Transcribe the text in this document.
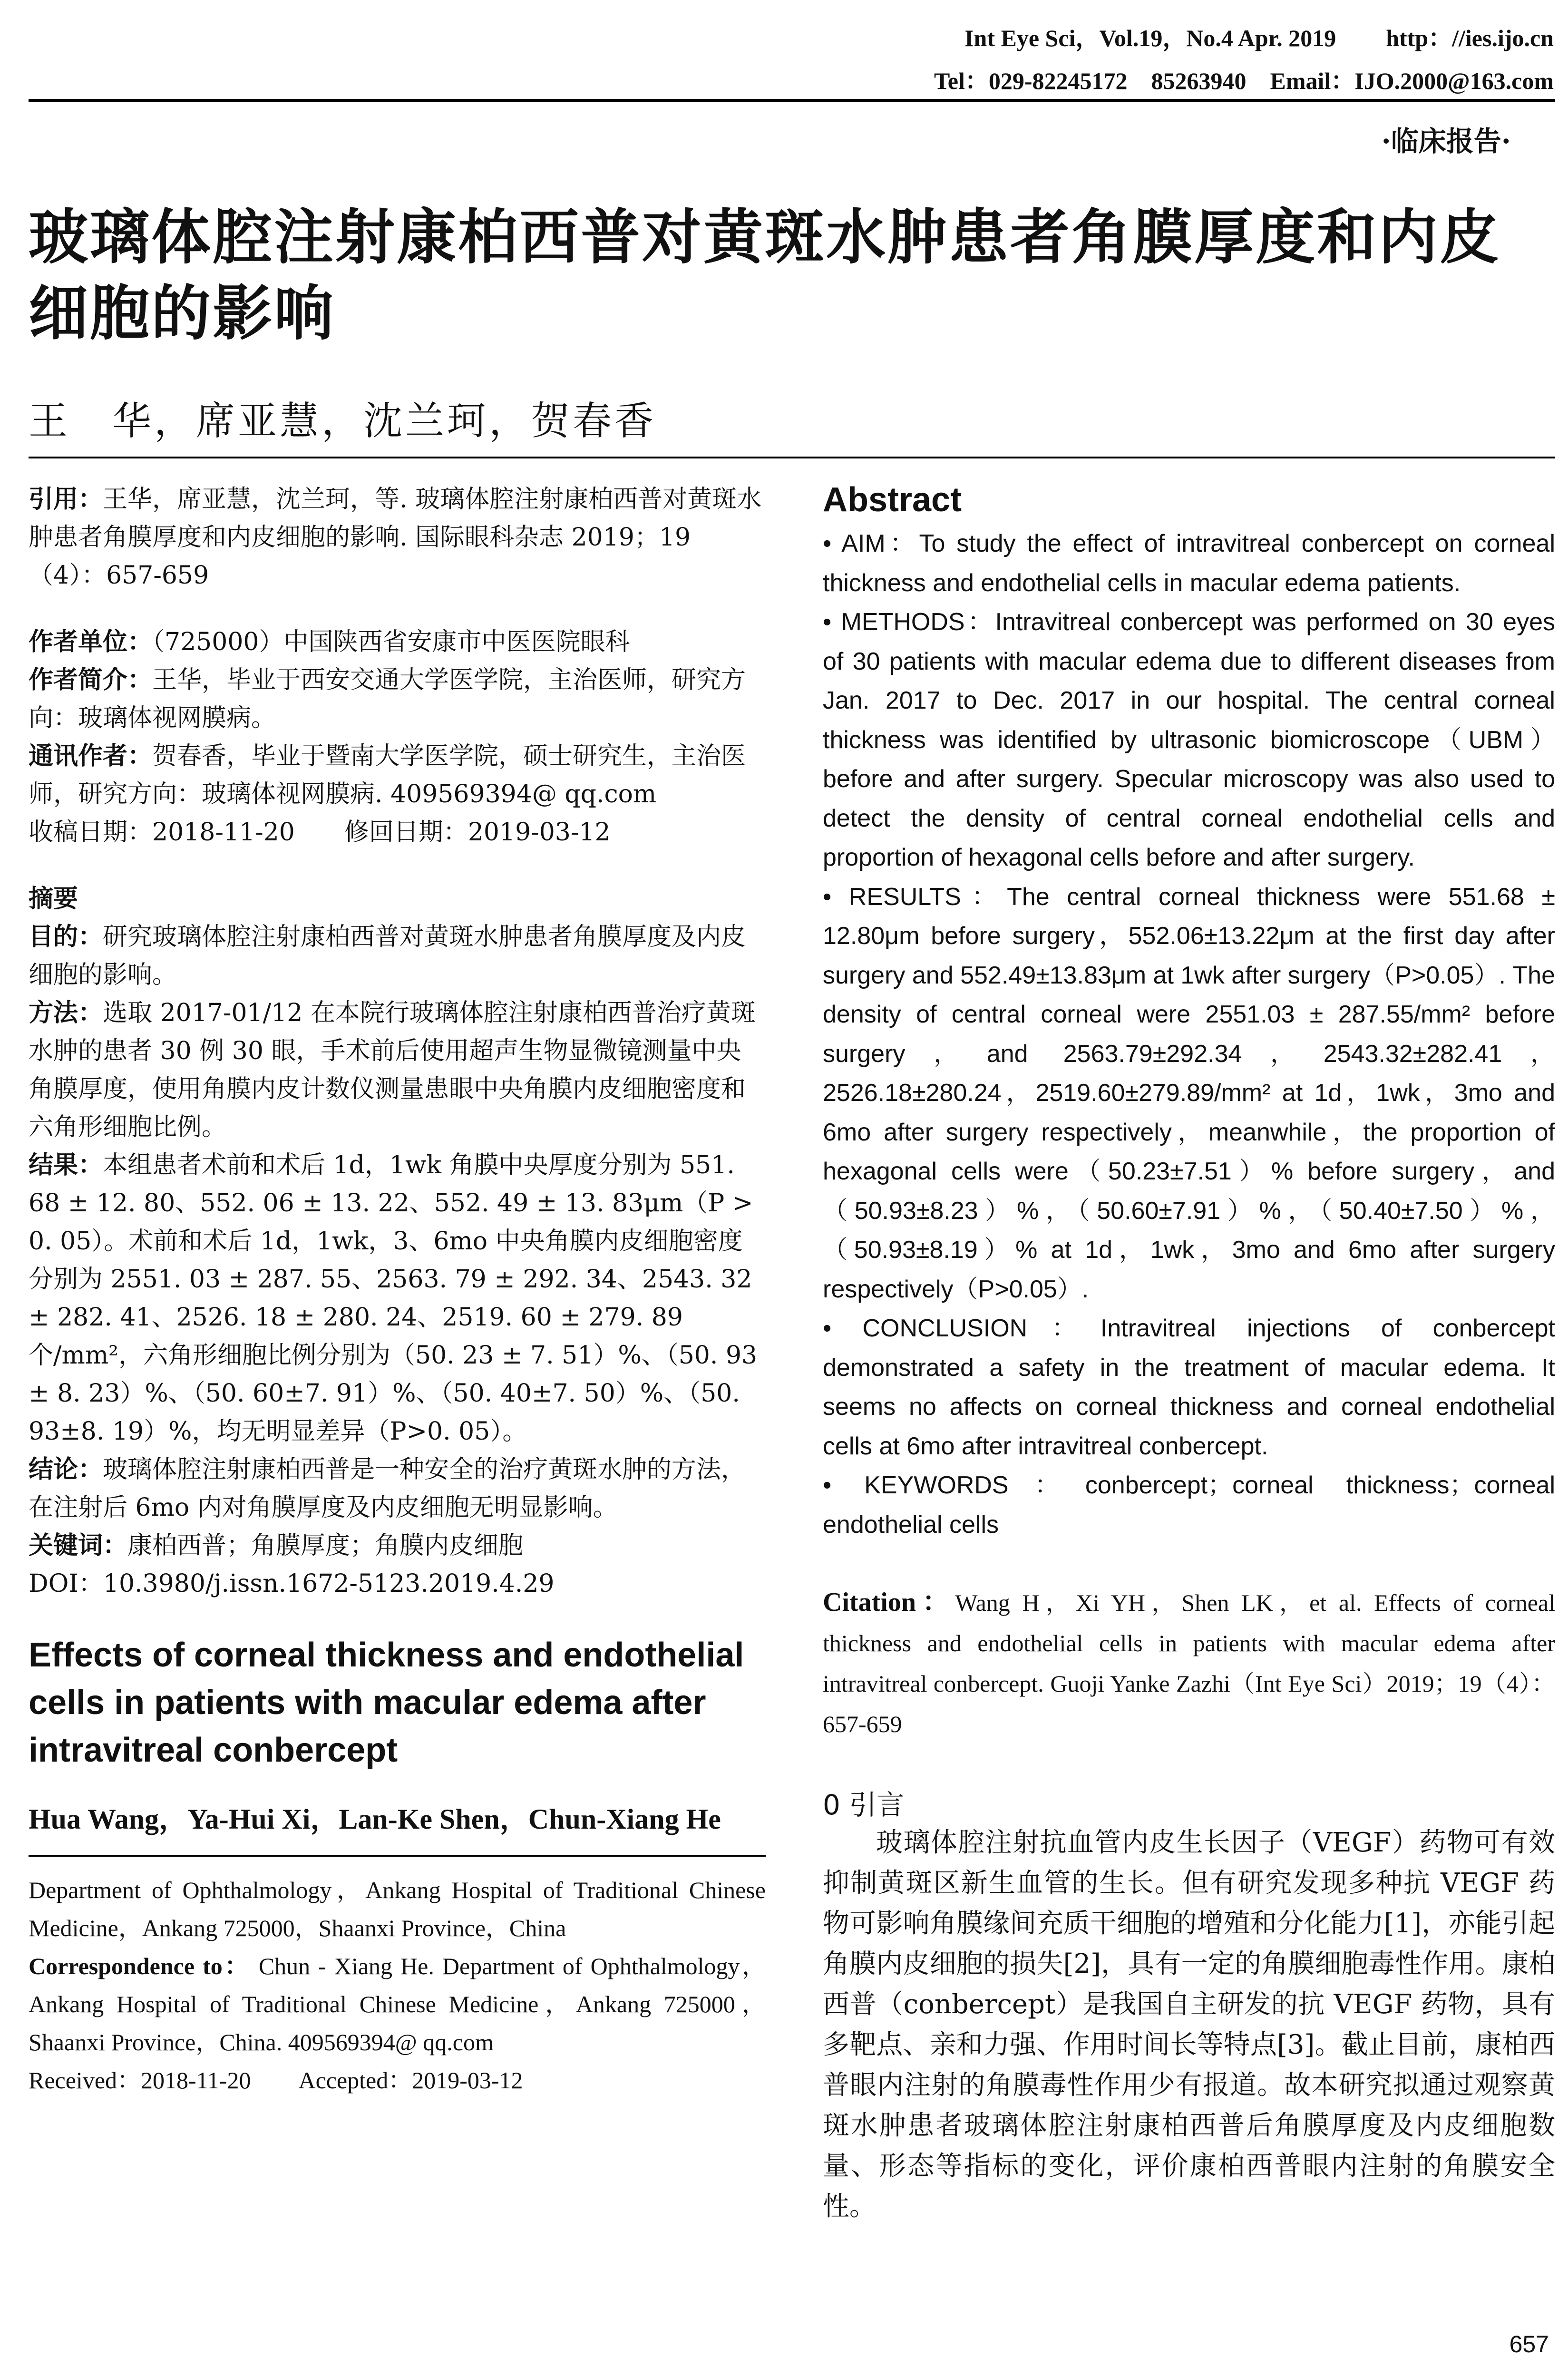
Int Eye Sci，Vol.19，No.4 Apr. 2019 http：//ies.ijo.cn
Tel：029-82245172　85263940　Email：IJO.2000@163.com
·临床报告·
玻璃体腔注射康柏西普对黄斑水肿患者角膜厚度和内皮细胞的影响
王　华，席亚慧，沈兰珂，贺春香

引用：王华，席亚慧，沈兰珂，等. 玻璃体腔注射康柏西普对黄斑水肿患者角膜厚度和内皮细胞的影响. 国际眼科杂志 2019；19（4）：657-659

作者单位：（725000）中国陕西省安康市中医医院眼科

作者简介：王华，毕业于西安交通大学医学院，主治医师，研究方向：玻璃体视网膜病。

通讯作者：贺春香，毕业于暨南大学医学院，硕士研究生，主治医师，研究方向：玻璃体视网膜病. 409569394@ qq.com

收稿日期：2018-11-20　　修回日期：2019-03-12

摘要

目的：研究玻璃体腔注射康柏西普对黄斑水肿患者角膜厚度及内皮细胞的影响。

方法：选取 2017-01/12 在本院行玻璃体腔注射康柏西普治疗黄斑水肿的患者 30 例 30 眼，手术前后使用超声生物显微镜测量中央角膜厚度，使用角膜内皮计数仪测量患眼中央角膜内皮细胞密度和六角形细胞比例。

结果：本组患者术前和术后 1d，1wk 角膜中央厚度分别为 551. 68 ± 12. 80、552. 06 ± 13. 22、552. 49 ± 13. 83μm（P > 0. 05）。术前和术后 1d，1wk，3、6mo 中央角膜内皮细胞密度分别为 2551. 03 ± 287. 55、2563. 79 ± 292. 34、2543. 32 ± 282. 41、2526. 18 ± 280. 24、2519. 60 ± 279. 89 个/mm²，六角形细胞比例分别为（50. 23 ± 7. 51）%、（50. 93 ± 8. 23）%、（50. 60±7. 91）%、（50. 40±7. 50）%、（50. 93±8. 19）%，均无明显差异（P>0. 05）。

结论：玻璃体腔注射康柏西普是一种安全的治疗黄斑水肿的方法，在注射后 6mo 内对角膜厚度及内皮细胞无明显影响。

关键词：康柏西普；角膜厚度；角膜内皮细胞

DOI：10.3980/j.issn.1672-5123.2019.4.29

Effects of corneal thickness and endothelial cells in patients with macular edema after intravitreal conbercept

Hua Wang，Ya-Hui Xi，Lan-Ke Shen，Chun-Xiang He

Department of Ophthalmology，Ankang Hospital of Traditional Chinese Medicine，Ankang 725000，Shaanxi Province，China

Correspondence to： Chun - Xiang He. Department of Ophthalmology，Ankang Hospital of Traditional Chinese Medicine，Ankang 725000，Shaanxi Province，China. 409569394@ qq.com

Received：2018-11-20　　Accepted：2019-03-12

Abstract

• AIM：To study the effect of intravitreal conbercept on corneal thickness and endothelial cells in macular edema patients.

• METHODS：Intravitreal conbercept was performed on 30 eyes of 30 patients with macular edema due to different diseases from Jan. 2017 to Dec. 2017 in our hospital. The central corneal thickness was identified by ultrasonic biomicroscope（UBM）before and after surgery. Specular microscopy was also used to detect the density of central corneal endothelial cells and proportion of hexagonal cells before and after surgery.

• RESULTS：The central corneal thickness were 551.68 ± 12.80μm before surgery，552.06±13.22μm at the first day after surgery and 552.49±13.83μm at 1wk after surgery（P>0.05）. The density of central corneal were 2551.03 ± 287.55/mm² before surgery，and 2563.79±292.34，2543.32±282.41，2526.18±280.24，2519.60±279.89/mm² at 1d，1wk，3mo and 6mo after surgery respectively，meanwhile，the proportion of hexagonal cells were（50.23±7.51）% before surgery，and（50.93±8.23）%，（50.60±7.91）%，（50.40±7.50）%，（50.93±8.19）% at 1d，1wk，3mo and 6mo after surgery respectively（P>0.05）.

• CONCLUSION：Intravitreal injections of conbercept demonstrated a safety in the treatment of macular edema. It seems no affects on corneal thickness and corneal endothelial cells at 6mo after intravitreal conbercept.

• KEYWORDS：conbercept；corneal thickness；corneal endothelial cells

Citation：Wang H，Xi YH，Shen LK，et al. Effects of corneal thickness and endothelial cells in patients with macular edema after intravitreal conbercept. Guoji Yanke Zazhi（Int Eye Sci）2019；19（4）：657-659

0 引言

玻璃体腔注射抗血管内皮生长因子（VEGF）药物可有效抑制黄斑区新生血管的生长。但有研究发现多种抗 VEGF 药物可影响角膜缘间充质干细胞的增殖和分化能力[1]，亦能引起角膜内皮细胞的损失[2]，具有一定的角膜细胞毒性作用。康柏西普（conbercept）是我国自主研发的抗 VEGF 药物，具有多靶点、亲和力强、作用时间长等特点[3]。截止目前，康柏西普眼内注射的角膜毒性作用少有报道。故本研究拟通过观察黄斑水肿患者玻璃体腔注射康柏西普后角膜厚度及内皮细胞数量、形态等指标的变化，评价康柏西普眼内注射的角膜安全性。

657
